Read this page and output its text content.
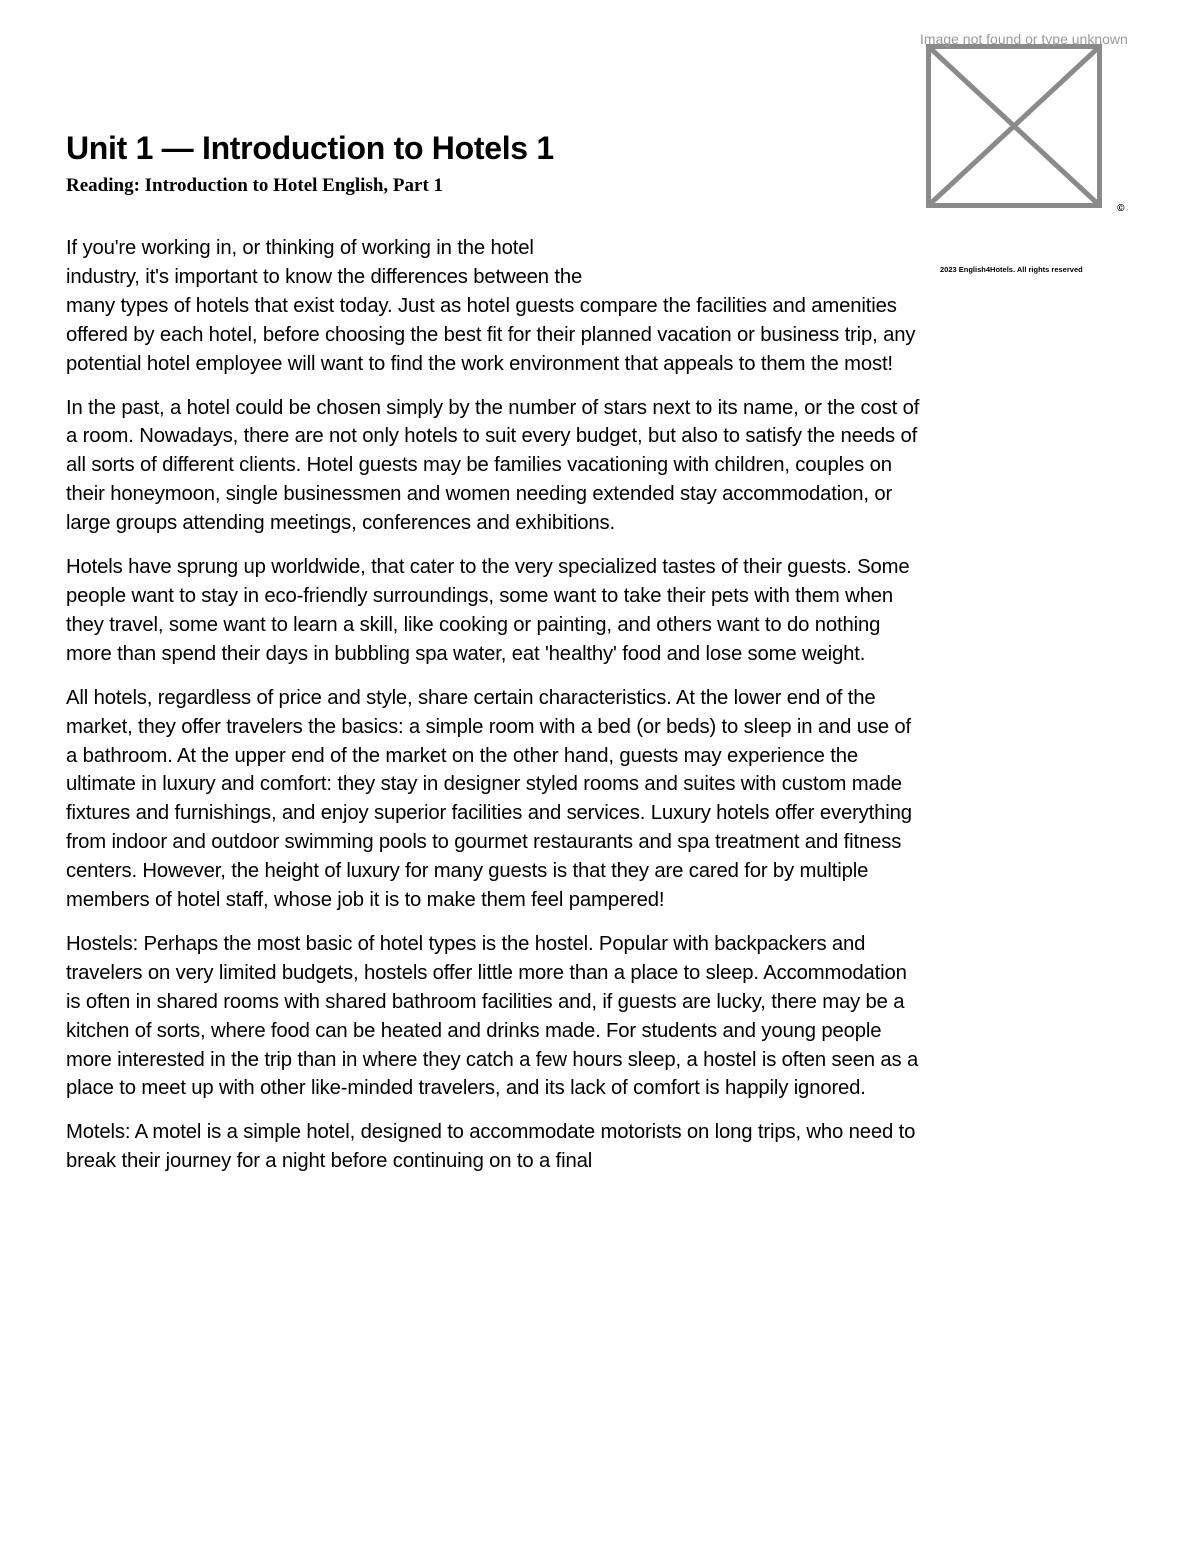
Unit 1 — Introduction to Hotels 1
Reading: Introduction to Hotel English, Part 1
Image not found or type unknown
©
2023 English4Hotels. All rights reserved

If you're working in, or thinking of working in the hotel
industry, it's important to know the differences between the
many types of hotels that exist today. Just as hotel guests compare the facilities and amenities offered by each hotel, before choosing the best fit for their planned vacation or business trip, any potential hotel employee will want to find the work environment that appeals to them the most!

In the past, a hotel could be chosen simply by the number of stars next to its name, or the cost of a room. Nowadays, there are not only hotels to suit every budget, but also to satisfy the needs of all sorts of different clients. Hotel guests may be families vacationing with children, couples on their honeymoon, single businessmen and women needing extended stay accommodation, or large groups attending meetings, conferences and exhibitions.

Hotels have sprung up worldwide, that cater to the very specialized tastes of their guests. Some people want to stay in eco-friendly surroundings, some want to take their pets with them when they travel, some want to learn a skill, like cooking or painting, and others want to do nothing more than spend their days in bubbling spa water, eat 'healthy' food and lose some weight.

All hotels, regardless of price and style, share certain characteristics. At the lower end of the market, they offer travelers the basics: a simple room with a bed (or beds) to sleep in and use of a bathroom. At the upper end of the market on the other hand, guests may experience the ultimate in luxury and comfort: they stay in designer styled rooms and suites with custom made fixtures and furnishings, and enjoy superior facilities and services. Luxury hotels offer everything from indoor and outdoor swimming pools to gourmet restaurants and spa treatment and fitness centers. However, the height of luxury for many guests is that they are cared for by multiple members of hotel staff, whose job it is to make them feel pampered!

Hostels: Perhaps the most basic of hotel types is the hostel. Popular with backpackers and travelers on very limited budgets, hostels offer little more than a place to sleep. Accommodation is often in shared rooms with shared bathroom facilities and, if guests are lucky, there may be a kitchen of sorts, where food can be heated and drinks made. For students and young people more interested in the trip than in where they catch a few hours sleep, a hostel is often seen as a place to meet up with other like-minded travelers, and its lack of comfort is happily ignored.

Motels: A motel is a simple hotel, designed to accommodate motorists on long trips, who need to break their journey for a night before continuing on to a final
